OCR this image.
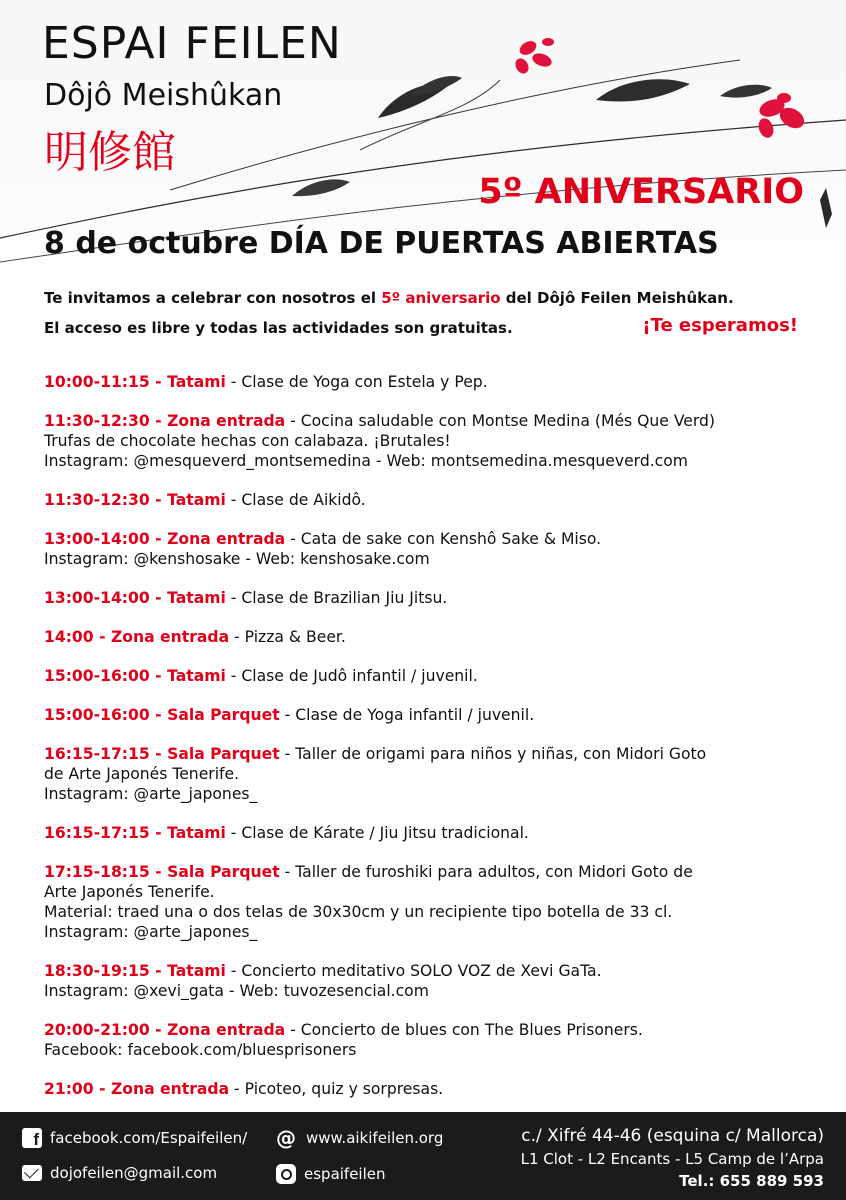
ESPAI FEILEN
Dôjô Meishûkan
明修館
5º ANIVERSARIO
8 de octubre DÍA DE PUERTAS ABIERTAS
Te invitamos a celebrar con nosotros el 5º aniversario del Dôjô Feilen Meishûkan.
El acceso es libre y todas las actividades son gratuitas.	¡Te esperamos!
10:00-11:15 - Tatami - Clase de Yoga con Estela y Pep.
11:30-12:30 - Zona entrada - Cocina saludable con Montse Medina (Més Que Verd)
Trufas de chocolate hechas con calabaza. ¡Brutales!
Instagram: @mesqueverd_montsemedina - Web: montsemedina.mesqueverd.com
11:30-12:30 - Tatami - Clase de Aikidô.
13:00-14:00 - Zona entrada - Cata de sake con Kenshô Sake & Miso.
Instagram: @kenshosake - Web: kenshosake.com
13:00-14:00 - Tatami - Clase de Brazilian Jiu Jitsu.
14:00 - Zona entrada - Pizza & Beer.
15:00-16:00 - Tatami - Clase de Judô infantil / juvenil.
15:00-16:00 - Sala Parquet - Clase de Yoga infantil / juvenil.
16:15-17:15 - Sala Parquet - Taller de origami para niños y niñas, con Midori Goto
de Arte Japonés Tenerife.
Instagram: @arte_japones_
16:15-17:15 - Tatami - Clase de Kárate / Jiu Jitsu tradicional.
17:15-18:15 - Sala Parquet - Taller de furoshiki para adultos, con Midori Goto de
Arte Japonés Tenerife.
Material: traed una o dos telas de 30x30cm y un recipiente tipo botella de 33 cl.
Instagram: @arte_japones_
18:30-19:15 - Tatami - Concierto meditativo SOLO VOZ de Xevi GaTa.
Instagram: @xevi_gata - Web: tuvozesencial.com
20:00-21:00 - Zona entrada - Concierto de blues con The Blues Prisoners.
Facebook: facebook.com/bluesprisoners
21:00 - Zona entrada - Picoteo, quiz y sorpresas.
f
facebook.com/Espaifeilen/ @ www.aikifeilen.org
dojofeilen@gmail.com	espaifeilen
c./ Xifré 44-46 (esquina c/ Mallorca)
L1 Clot - L2 Encants - L5 Camp de l’Arpa
Tel.: 655 889 593
